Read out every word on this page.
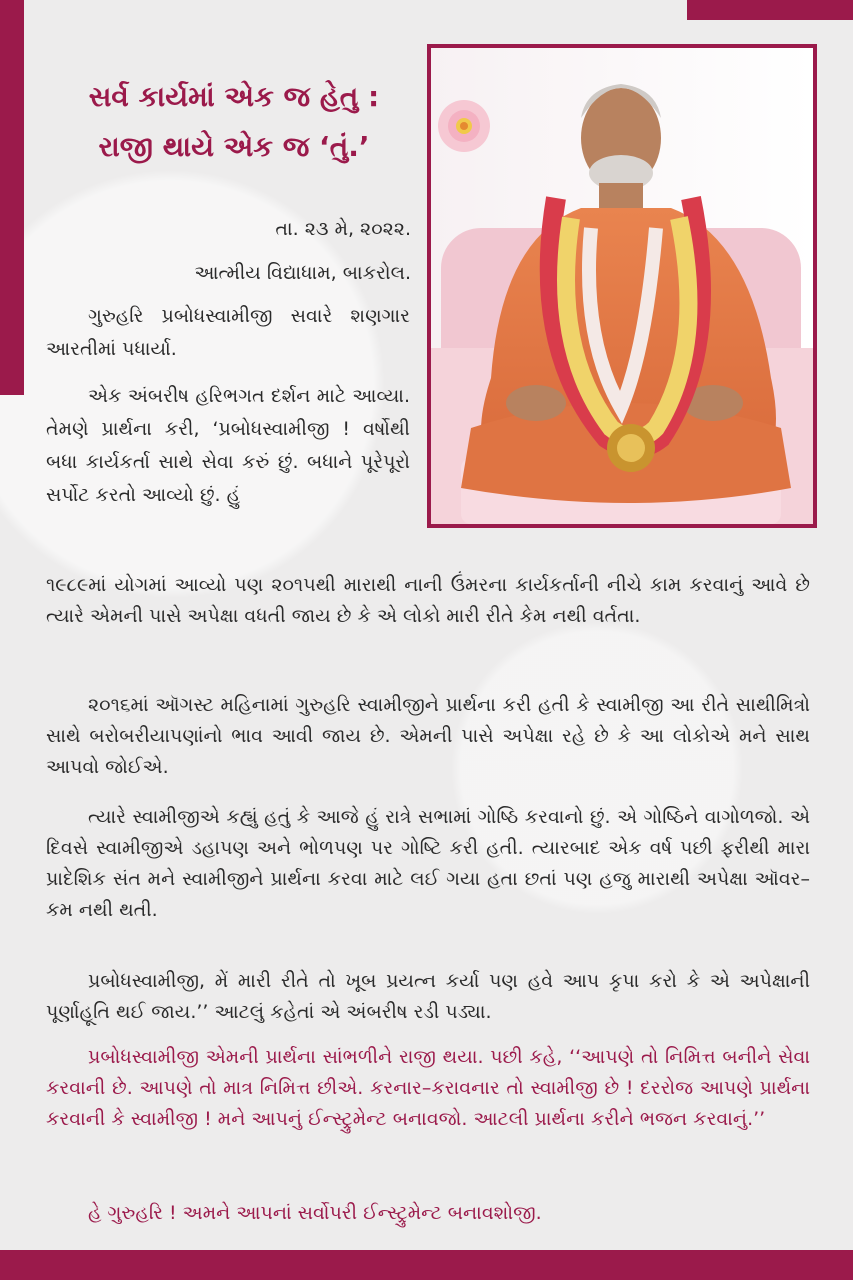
સર્વ કાર્યમાં એક જ હેતુ :
રાજી થાયે એક જ ‘તું.’
તા. ૨૩ મે, ૨૦૨૨.
આત્મીય વિદ્યાધામ, બાકરોલ.
ગુરુહરિ પ્રબોધસ્વામીજી સવારે શણગાર આરતીમાં પધાર્યા.
એક અંબરીષ હરિભગત દર્શન માટે આવ્યા. તેમણે પ્રાર્થના કરી, ‘પ્રબોધસ્વામીજી ! વર્ષોથી બધા કાર્યકર્તા સાથે સેવા કરું છું. બધાને પૂરેપૂરો સર્પોટ કરતો આવ્યો છું. હું
૧૯૮૯માં યોગમાં આવ્યો પણ ૨૦૧૫થી મારાથી નાની ઉંમરના કાર્યકર્તાની નીચે કામ કરવાનું આવે છે ત્યારે એમની પાસે અપેક્ષા વધતી જાય છે કે એ લોકો મારી રીતે કેમ નથી વર્તતા.
૨૦૧૬માં ઑગસ્ટ મહિનામાં ગુરુહરિ સ્વામીજીને પ્રાર્થના કરી હતી કે સ્વામીજી આ રીતે સાથીમિત્રો સાથે બરોબરીયાપણાંનો ભાવ આવી જાય છે. એમની પાસે અપેક્ષા રહે છે કે આ લોકોએ મને સાથ આપવો જોઈએ.
ત્યારે સ્વામીજીએ કહ્યું હતું કે આજે હું રાત્રે સભામાં ગોષ્ઠિ કરવાનો છું. એ ગોષ્ઠિને વાગોળજો. એ દિવસે સ્વામીજીએ ડહાપણ અને ભોળપણ પર ગોષ્ટિ કરી હતી. ત્યારબાદ એક વર્ષ પછી ફરીથી મારા પ્રાદેશિક સંત મને સ્વામીજીને પ્રાર્થના કરવા માટે લઈ ગયા હતા છતાં પણ હજુ મારાથી અપેક્ષા ઑવર–કમ નથી થતી.
પ્રબોધસ્વામીજી, મેં મારી રીતે તો ખૂબ પ્રયત્ન કર્યા પણ હવે આપ કૃપા કરો કે એ અપેક્ષાની પૂર્ણાહૂતિ થઈ જાય.’’ આટલું કહેતાં એ અંબરીષ રડી પડ્યા.
પ્રબોધસ્વામીજી એમની પ્રાર્થના સાંભળીને રાજી થયા. પછી કહે, ‘‘આપણે તો નિમિત્ત બનીને સેવા કરવાની છે. આપણે તો માત્ર નિમિત્ત છીએ. કરનાર–કરાવનાર તો સ્વામીજી છે ! દરરોજ આપણે પ્રાર્થના કરવાની કે સ્વામીજી ! મને આપનું ઈન્સ્ટ્રુમેન્ટ બનાવજો. આટલી પ્રાર્થના કરીને ભજન કરવાનું.’’
હે ગુરુહરિ ! અમને આપનાં સર્વોપરી ઈન્સ્ટ્રુમેન્ટ બનાવશોજી.
